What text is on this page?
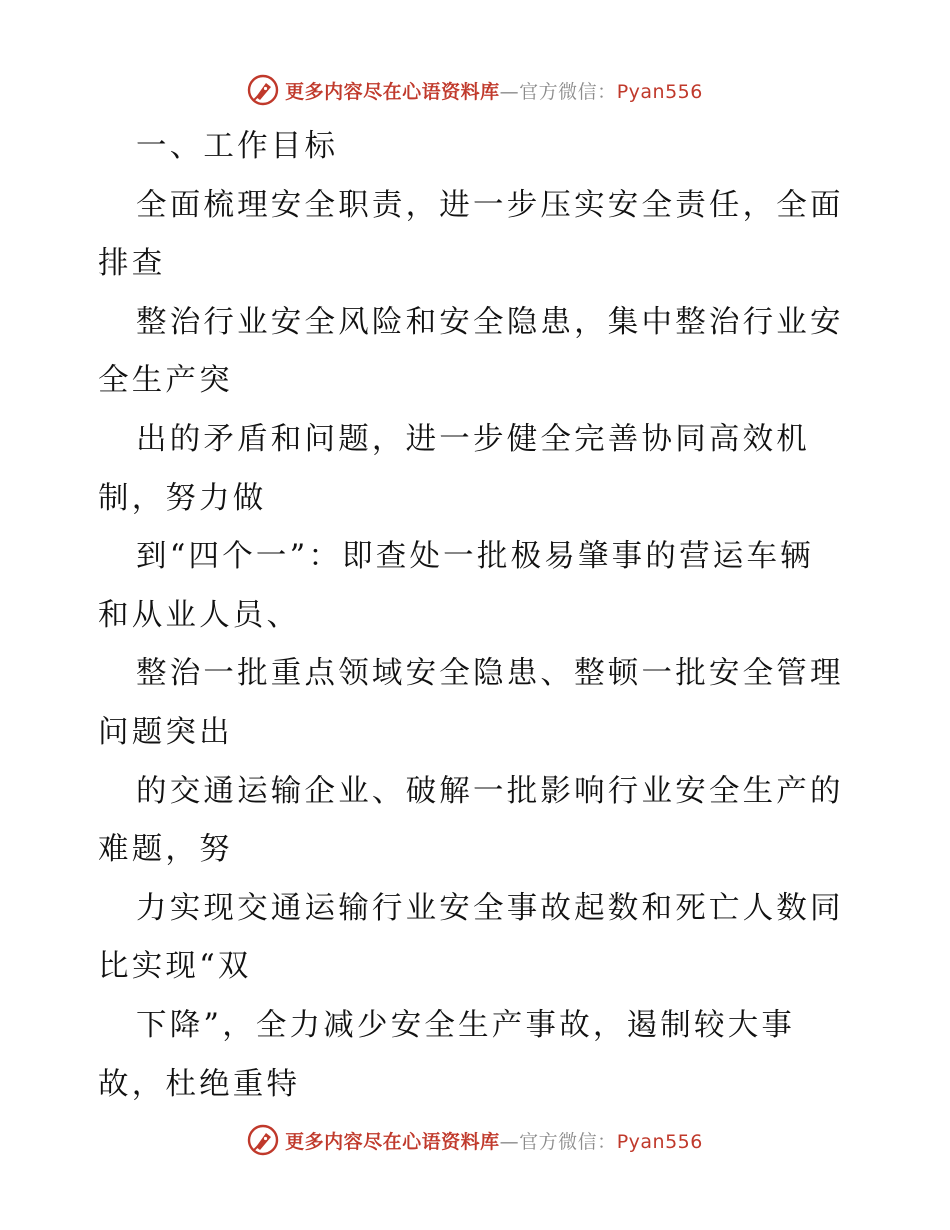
更多内容尽在心语资料库—官方微信：Pyan556
一、工作目标
全面梳理安全职责，进一步压实安全责任，全面
排查
整治行业安全风险和安全隐患，集中整治行业安
全生产突
出的矛盾和问题，进一步健全完善协同高效机
制，努力做
到“四个一”：即查处一批极易肇事的营运车辆
和从业人员、
整治一批重点领域安全隐患、整顿一批安全管理
问题突出
的交通运输企业、破解一批影响行业安全生产的
难题，努
力实现交通运输行业安全事故起数和死亡人数同
比实现“双
下降”，全力减少安全生产事故，遏制较大事
故，杜绝重特
更多内容尽在心语资料库—官方微信：Pyan556
